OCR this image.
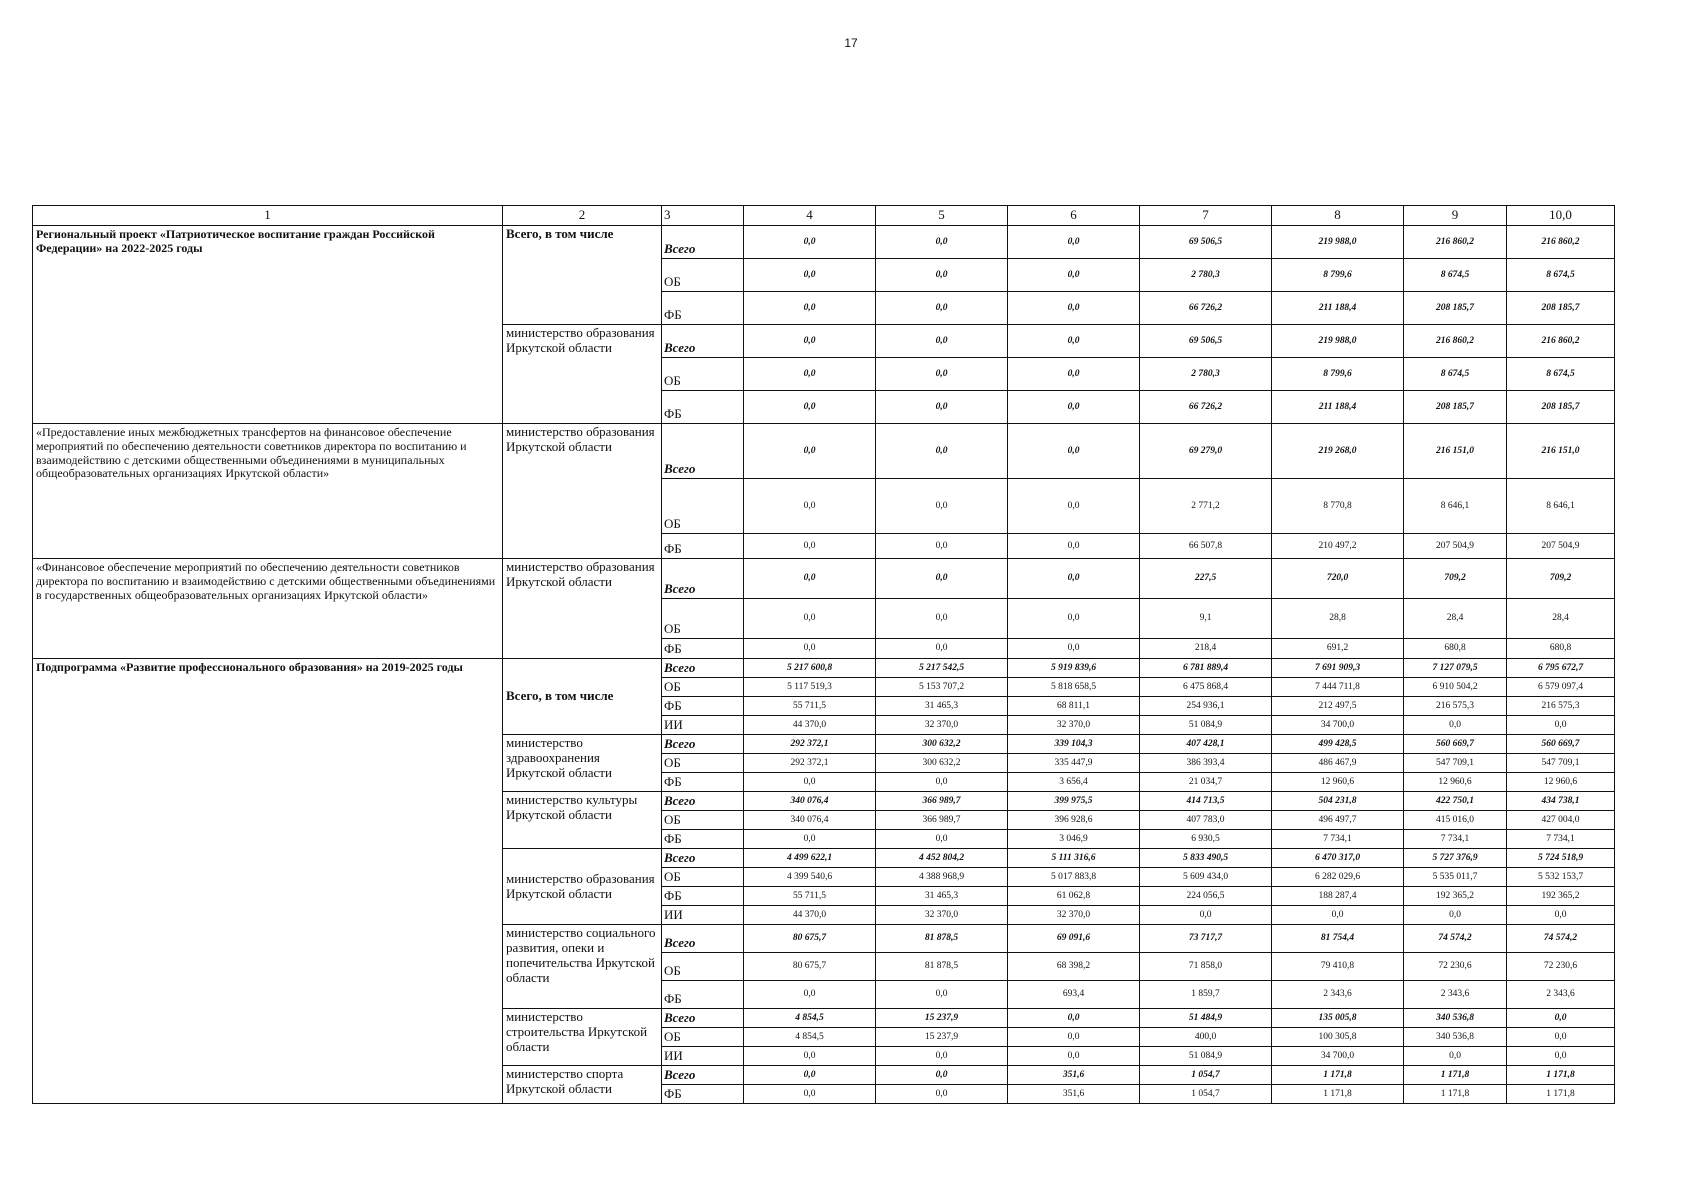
17
1	2	3	4	5	6	7	8	9	10,0
Региональный проект «Патриотическое воспитание граждан Российской Федерации» на 2022-2025 годы	Всего, в том числе	Всего	0,0	0,0	0,0	69 506,5	219 988,0	216 860,2	216 860,2
		ОБ	0,0	0,0	0,0	2 780,3	8 799,6	8 674,5	8 674,5
		ФБ	0,0	0,0	0,0	66 726,2	211 188,4	208 185,7	208 185,7
	министерство образования Иркутской области	Всего	0,0	0,0	0,0	69 506,5	219 988,0	216 860,2	216 860,2
		ОБ	0,0	0,0	0,0	2 780,3	8 799,6	8 674,5	8 674,5
		ФБ	0,0	0,0	0,0	66 726,2	211 188,4	208 185,7	208 185,7
«Предоставление иных межбюджетных трансфертов на финансовое обеспечение мероприятий по обеспечению деятельности советников директора по воспитанию и взаимодействию с детскими общественными объединениями в муниципальных общеобразовательных организациях Иркутской области»	министерство образования Иркутской области	Всего	0,0	0,0	0,0	69 279,0	219 268,0	216 151,0	216 151,0
		ОБ	0,0	0,0	0,0	2 771,2	8 770,8	8 646,1	8 646,1
		ФБ	0,0	0,0	0,0	66 507,8	210 497,2	207 504,9	207 504,9
«Финансовое обеспечение мероприятий по обеспечению деятельности советников директора по воспитанию и взаимодействию с детскими общественными объединениями в государственных общеобразовательных организациях Иркутской области»	министерство образования Иркутской области	Всего	0,0	0,0	0,0	227,5	720,0	709,2	709,2
		ОБ	0,0	0,0	0,0	9,1	28,8	28,4	28,4
		ФБ	0,0	0,0	0,0	218,4	691,2	680,8	680,8
Подпрограмма «Развитие профессионального образования» на 2019-2025 годы	Всего, в том числе	Всего	5 217 600,8	5 217 542,5	5 919 839,6	6 781 889,4	7 691 909,3	7 127 079,5	6 795 672,7
		ОБ	5 117 519,3	5 153 707,2	5 818 658,5	6 475 868,4	7 444 711,8	6 910 504,2	6 579 097,4
		ФБ	55 711,5	31 465,3	68 811,1	254 936,1	212 497,5	216 575,3	216 575,3
		ИИ	44 370,0	32 370,0	32 370,0	51 084,9	34 700,0	0,0	0,0
	министерство здравоохранения Иркутской области	Всего	292 372,1	300 632,2	339 104,3	407 428,1	499 428,5	560 669,7	560 669,7
		ОБ	292 372,1	300 632,2	335 447,9	386 393,4	486 467,9	547 709,1	547 709,1
		ФБ	0,0	0,0	3 656,4	21 034,7	12 960,6	12 960,6	12 960,6
	министерство культуры Иркутской области	Всего	340 076,4	366 989,7	399 975,5	414 713,5	504 231,8	422 750,1	434 738,1
		ОБ	340 076,4	366 989,7	396 928,6	407 783,0	496 497,7	415 016,0	427 004,0
		ФБ	0,0	0,0	3 046,9	6 930,5	7 734,1	7 734,1	7 734,1
	министерство образования Иркутской области	Всего	4 499 622,1	4 452 804,2	5 111 316,6	5 833 490,5	6 470 317,0	5 727 376,9	5 724 518,9
		ОБ	4 399 540,6	4 388 968,9	5 017 883,8	5 609 434,0	6 282 029,6	5 535 011,7	5 532 153,7
		ФБ	55 711,5	31 465,3	61 062,8	224 056,5	188 287,4	192 365,2	192 365,2
		ИИ	44 370,0	32 370,0	32 370,0	0,0	0,0	0,0	0,0
	министерство социального развития, опеки и попечительства Иркутской области	Всего	80 675,7	81 878,5	69 091,6	73 717,7	81 754,4	74 574,2	74 574,2
		ОБ	80 675,7	81 878,5	68 398,2	71 858,0	79 410,8	72 230,6	72 230,6
		ФБ	0,0	0,0	693,4	1 859,7	2 343,6	2 343,6	2 343,6
	министерство строительства Иркутской области	Всего	4 854,5	15 237,9	0,0	51 484,9	135 005,8	340 536,8	0,0
		ОБ	4 854,5	15 237,9	0,0	400,0	100 305,8	340 536,8	0,0
		ИИ	0,0	0,0	0,0	51 084,9	34 700,0	0,0	0,0
	министерство спорта Иркутской области	Всего	0,0	0,0	351,6	1 054,7	1 171,8	1 171,8	1 171,8
		ФБ	0,0	0,0	351,6	1 054,7	1 171,8	1 171,8	1 171,8
